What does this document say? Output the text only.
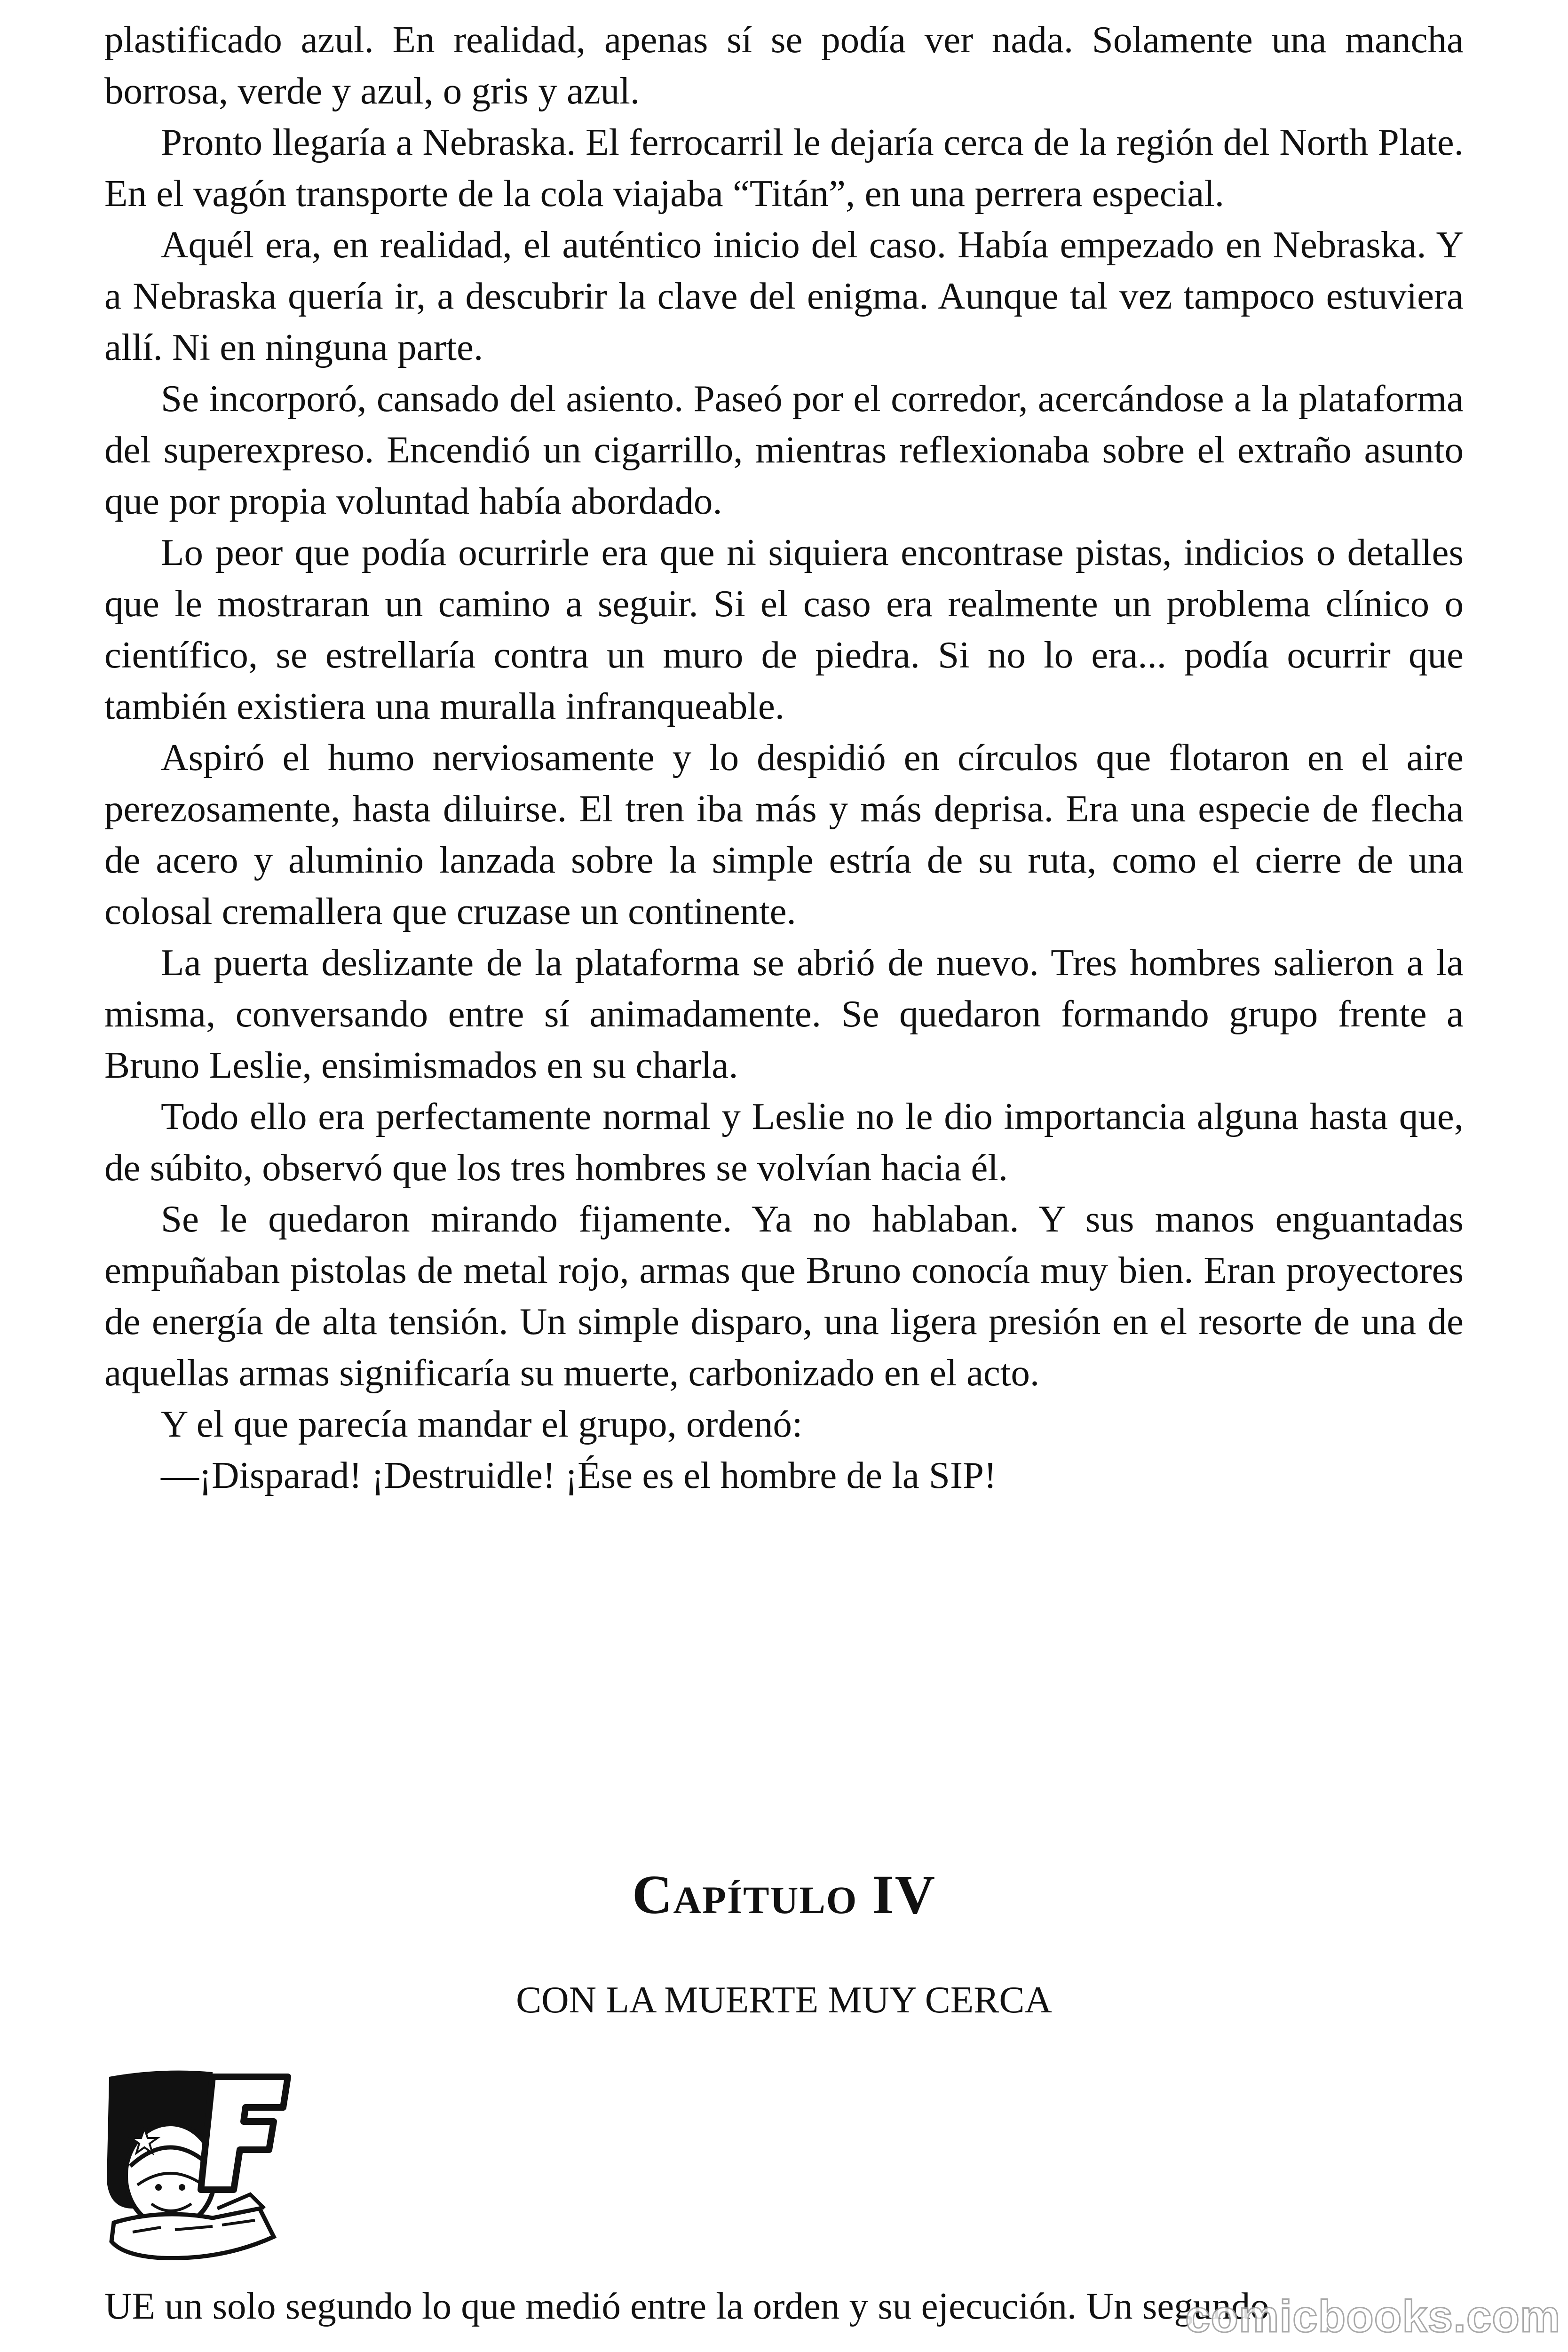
plastificado azul. En realidad, apenas sí se podía ver nada. Solamente una mancha borrosa, verde y azul, o gris y azul.

Pronto llegaría a Nebraska. El ferrocarril le dejaría cerca de la región del North Plate. En el vagón transporte de la cola viajaba “Titán”, en una perrera especial.

Aquél era, en realidad, el auténtico inicio del caso. Había empezado en Nebraska. Y a Nebraska quería ir, a descubrir la clave del enigma. Aunque tal vez tampoco estuviera allí. Ni en ninguna parte.

Se incorporó, cansado del asiento. Paseó por el corredor, acercándose a la plataforma del superexpreso. Encendió un cigarrillo, mientras reflexionaba sobre el extraño asunto que por propia voluntad había abordado.

Lo peor que podía ocurrirle era que ni siquiera encontrase pistas, indicios o detalles que le mostraran un camino a seguir. Si el caso era realmente un problema clínico o científico, se estrellaría contra un muro de piedra. Si no lo era... podía ocurrir que también existiera una muralla infranqueable.

Aspiró el humo nerviosamente y lo despidió en círculos que flotaron en el aire perezosamente, hasta diluirse. El tren iba más y más deprisa. Era una especie de flecha de acero y aluminio lanzada sobre la simple estría de su ruta, como el cierre de una colosal cremallera que cruzase un continente.

La puerta deslizante de la plataforma se abrió de nuevo. Tres hombres salieron a la misma, conversando entre sí animadamente. Se quedaron formando grupo frente a Bruno Leslie, ensimismados en su charla.

Todo ello era perfectamente normal y Leslie no le dio importancia alguna hasta que, de súbito, observó que los tres hombres se volvían hacia él.

Se le quedaron mirando fijamente. Ya no hablaban. Y sus manos enguantadas empuñaban pistolas de metal rojo, armas que Bruno conocía muy bien. Eran proyectores de energía de alta tensión. Un simple disparo, una ligera presión en el resorte de una de aquellas armas significaría su muerte, carbonizado en el acto.

Y el que parecía mandar el grupo, ordenó:

—¡Disparad! ¡Destruidle! ¡Ése es el hombre de la SIP!

Capítulo IV
CON LA MUERTE MUY CERCA
UE un solo segundo lo que medió entre la orden y su ejecución. Un segundo
comicbooks.com
